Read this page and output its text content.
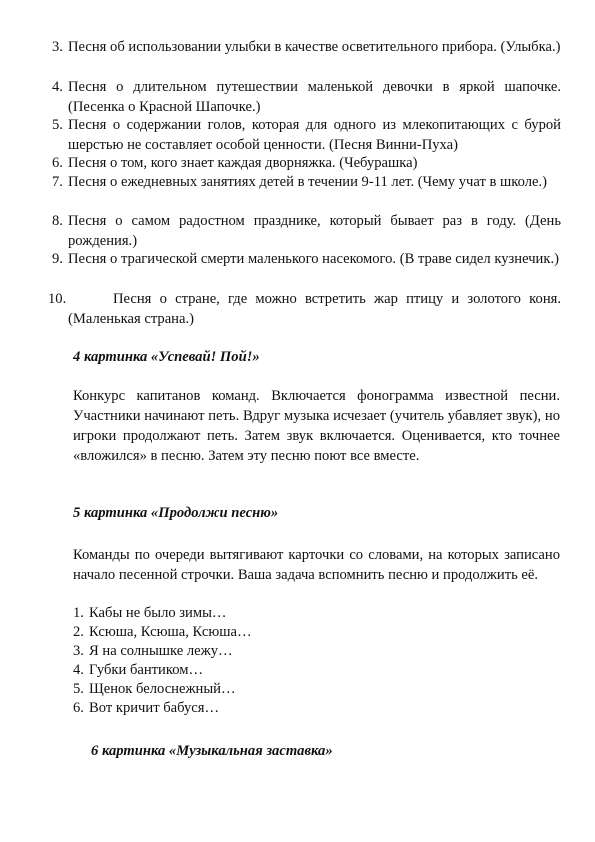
3. Песня об использовании улыбки в качестве осветительного прибора. (Улыбка.)
4. Песня о длительном путешествии маленькой девочки в яркой шапочке. (Песенка о Красной Шапочке.)
5. Песня о содержании голов, которая для одного из млекопитающих с бурой шерстью не составляет особой ценности. (Песня Винни-Пуха)
6. Песня о том, кого знает каждая дворняжка. (Чебурашка)
7. Песня о ежедневных занятиях детей в течении 9-11 лет. (Чему учат в школе.)
8. Песня о самом радостном празднике, который бывает раз в году. (День рождения.)
9. Песня о трагической смерти маленького насекомого. (В траве сидел кузнечик.)
10.	Песня о стране, где можно встретить жар птицу и золотого коня. (Маленькая страна.)
4 картинка «Успевай! Пой!»
Конкурс капитанов команд. Включается фонограмма известной песни. Участники начинают петь. Вдруг музыка исчезает (учитель убавляет звук), но игроки продолжают петь. Затем звук включается. Оценивается, кто точнее «вложился» в песню. Затем эту песню поют все вместе.
5 картинка «Продолжи песню»
Команды по очереди вытягивают карточки со словами, на которых записано начало песенной строчки. Ваша задача вспомнить песню и продолжить её.
1. Кабы не было зимы…
2. Ксюша, Ксюша, Ксюша…
3. Я на солнышке лежу…
4. Губки бантиком…
5. Щенок белоснежный…
6. Вот кричит бабуся…
6 картинка «Музыкальная заставка»
